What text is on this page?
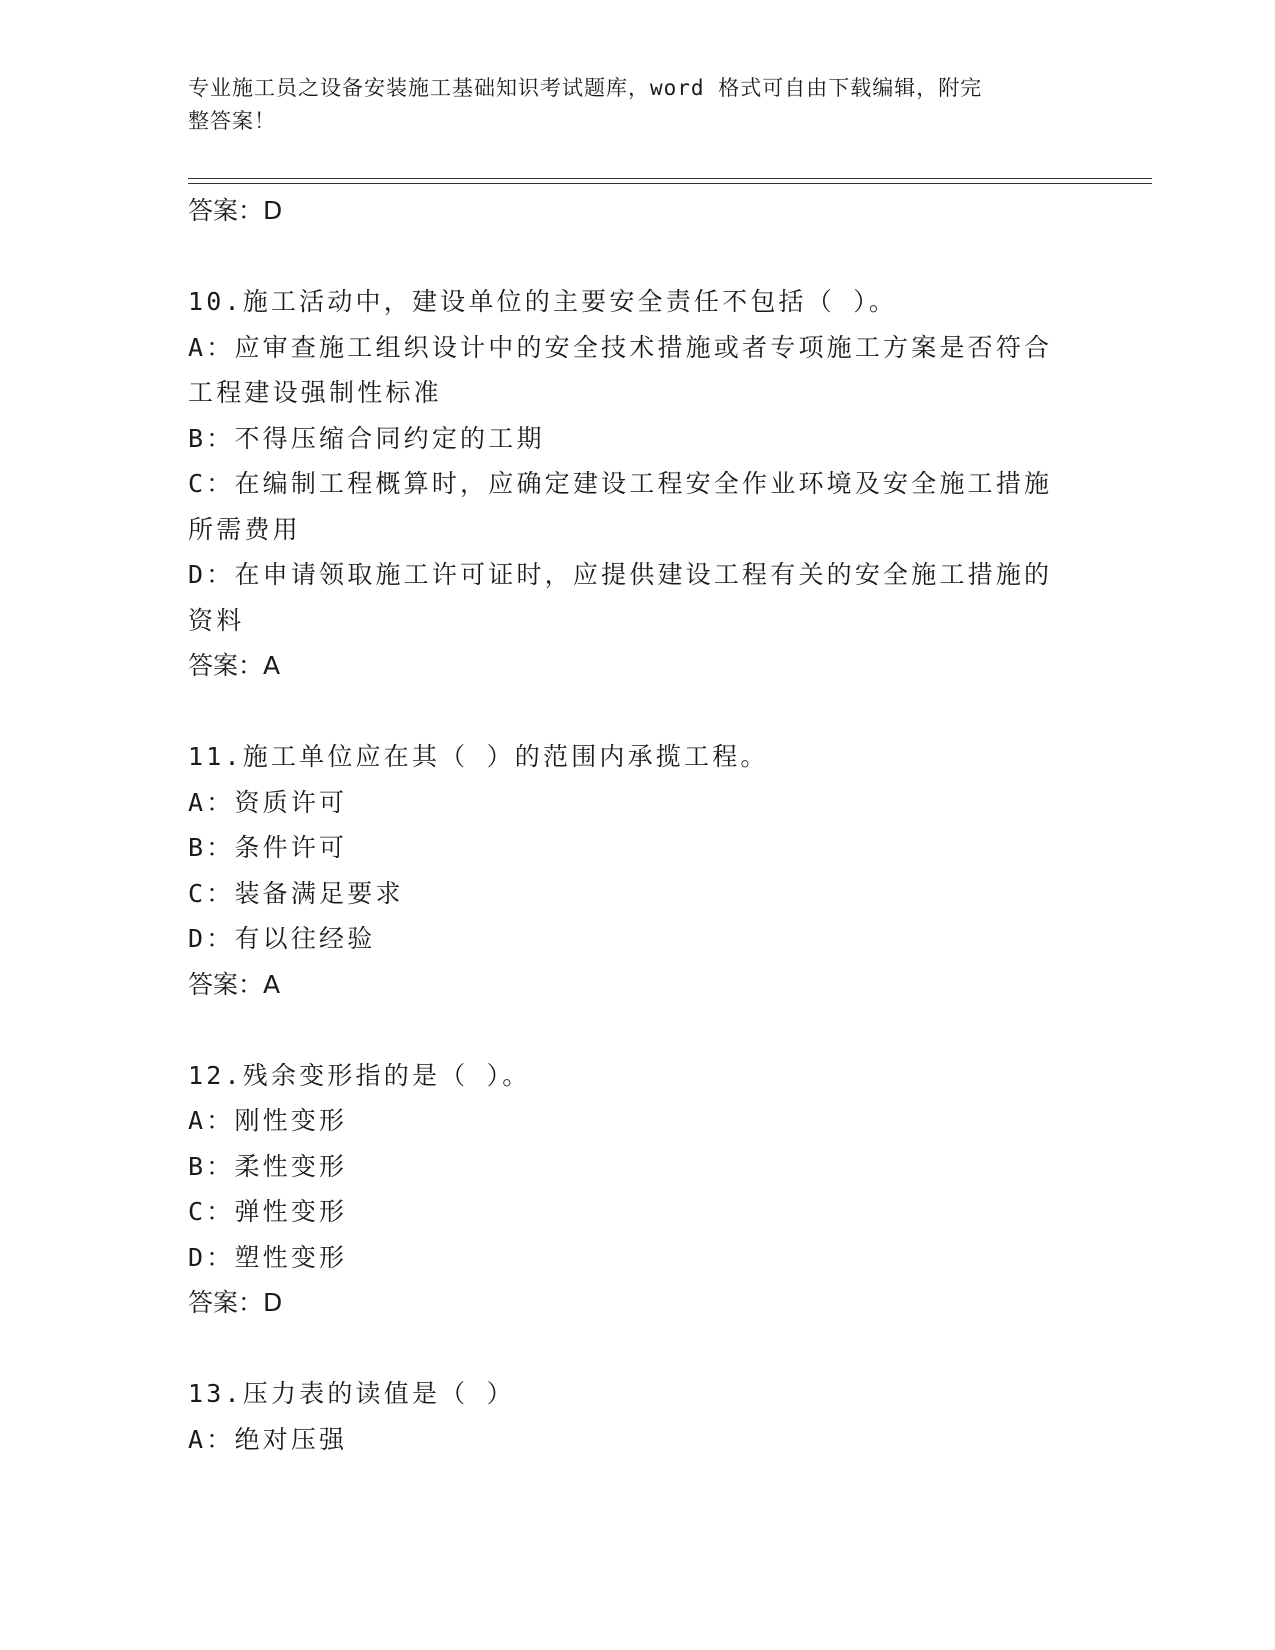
专业施工员之设备安装施工基础知识考试题库，word 格式可自由下载编辑，附完
整答案！
答案：D
10.施工活动中，建设单位的主要安全责任不包括（ ）。
A：应审查施工组织设计中的安全技术措施或者专项施工方案是否符合
工程建设强制性标准
B：不得压缩合同约定的工期
C：在编制工程概算时，应确定建设工程安全作业环境及安全施工措施
所需费用
D：在申请领取施工许可证时，应提供建设工程有关的安全施工措施的
资料
答案：A
11.施工单位应在其（ ）的范围内承揽工程。
A：资质许可
B：条件许可
C：装备满足要求
D：有以往经验
答案：A
12.残余变形指的是（ ）。
A：刚性变形
B：柔性变形
C：弹性变形
D：塑性变形
答案：D
13.压力表的读值是（ ）
A：绝对压强
